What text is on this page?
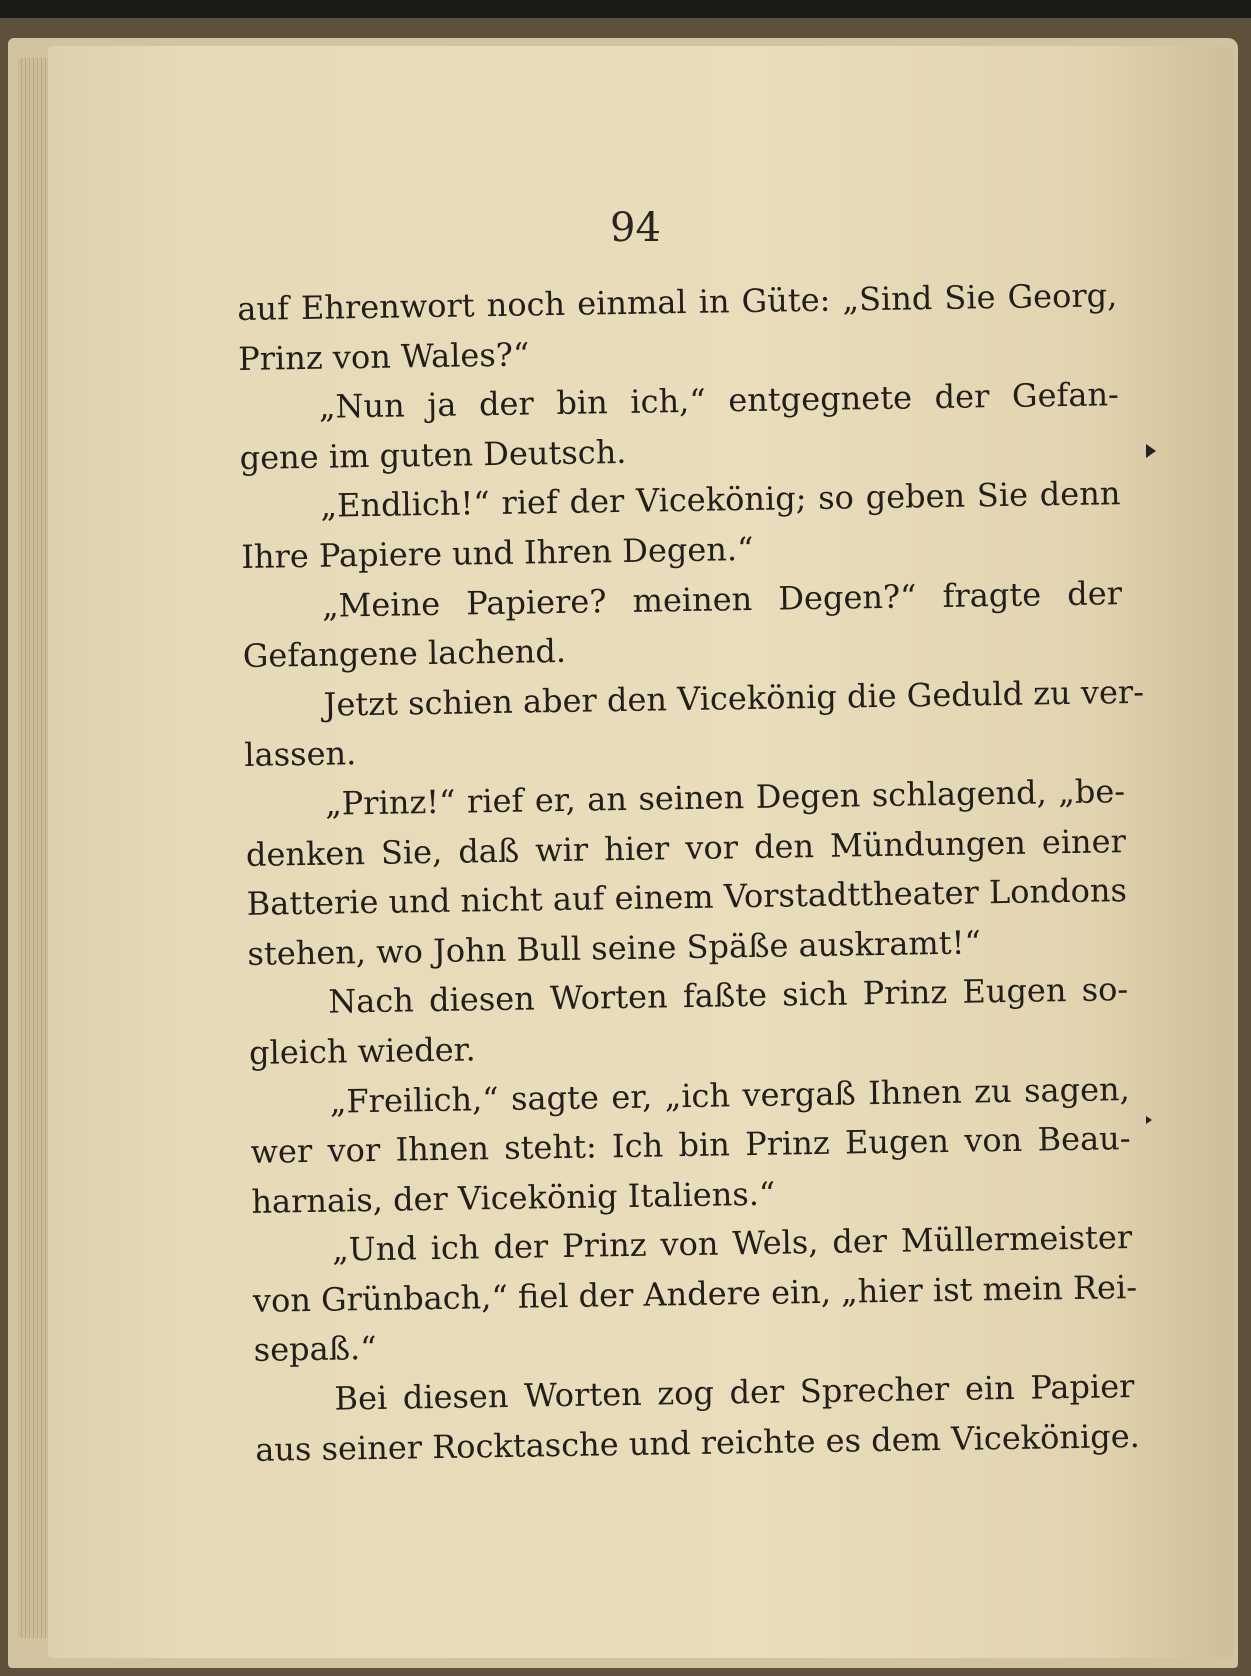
94
auf Ehrenwort noch einmal in Güte: „Sind Sie Georg,
Prinz von Wales?“
„Nun ja der bin ich,“ entgegnete der Gefan-
gene im guten Deutsch.
„Endlich!“ rief der Vicekönig; so geben Sie denn
Ihre Papiere und Ihren Degen.“
„Meine Papiere? meinen Degen?“ fragte der
Gefangene lachend.
Jetzt schien aber den Vicekönig die Geduld zu ver-
lassen.
„Prinz!“ rief er, an seinen Degen schlagend, „be-
denken Sie, daß wir hier vor den Mündungen einer
Batterie und nicht auf einem Vorstadttheater Londons
stehen, wo John Bull seine Späße auskramt!“
Nach diesen Worten faßte sich Prinz Eugen so-
gleich wieder.
„Freilich,“ sagte er, „ich vergaß Ihnen zu sagen,
wer vor Ihnen steht: Ich bin Prinz Eugen von Beau-
harnais, der Vicekönig Italiens.“
„Und ich der Prinz von Wels, der Müllermeister
von Grünbach,“ fiel der Andere ein, „hier ist mein Rei-
sepaß.“
Bei diesen Worten zog der Sprecher ein Papier
aus seiner Rocktasche und reichte es dem Vicekönige.
